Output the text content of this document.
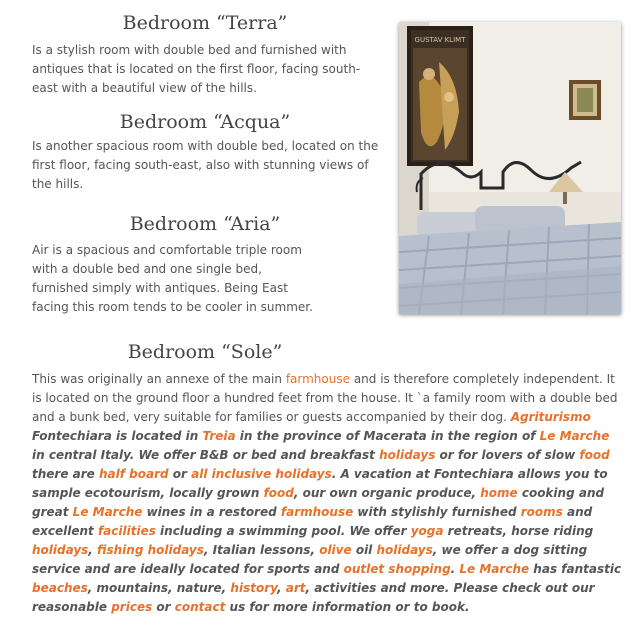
Bedroom “Terra”

Is a stylish room with double bed and furnished with antiques that is located on the first floor, facing south-east with a beautiful view of the hills.

Bedroom “Acqua”

Is another spacious room with double bed, located on the first floor, facing south-east, also with stunning views of the hills.

Bedroom “Aria”

Air is a spacious and comfortable triple room with a double bed and one single bed, furnished simply with antiques. Being East facing this room tends to be cooler in summer.

GUSTAV KLIMT
Bedroom “Sole”

This was originally an annexe of the main farmhouse and is therefore completely independent. It is located on the ground floor a hundred feet from the house. It `a family room with a double bed and a bunk bed, very suitable for families or guests accompanied by their dog. Agriturismo Fontechiara is located in Treia in the province of Macerata in the region of Le Marche in central Italy. We offer B&B or bed and breakfast holidays or for lovers of slow food there are half board or all inclusive holidays. A vacation at Fontechiara allows you to sample ecotourism, locally grown food, our own organic produce, home cooking and great Le Marche wines in a restored farmhouse with stylishly furnished rooms and excellent facilities including a swimming pool. We offer yoga retreats, horse riding holidays, fishing holidays, Italian lessons, olive oil holidays, we offer a dog sitting service and are ideally located for sports and outlet shopping. Le Marche has fantastic beaches, mountains, nature, history, art, activities and more. Please check out our reasonable prices or contact us for more information or to book.
